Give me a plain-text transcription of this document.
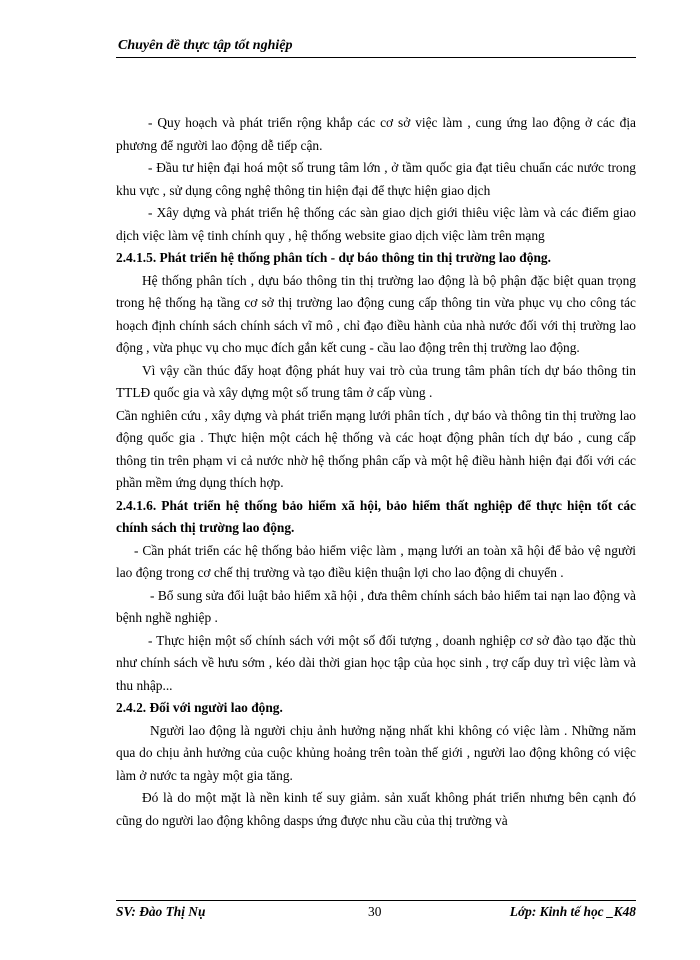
Chuyên đề thực tập tốt nghiệp

- Quy hoạch và phát triển rộng khắp các cơ sở việc làm , cung ứng lao động ở các địa phương để người lao động dễ tiếp cận.

- Đầu tư hiện đại hoá một số trung tâm lớn , ở tầm quốc gia đạt tiêu chuẩn các nước trong khu vực , sử dụng công nghệ thông tin hiện đại để thực hiện giao dịch

- Xây dựng và phát triển hệ thống các sàn giao dịch giới thiêu việc làm và các điểm giao dịch việc làm vệ tinh chính quy , hệ thống website giao dịch việc làm trên mạng

2.4.1.5. Phát triển hệ thống phân tích - dự báo thông tin thị trường lao động.

Hệ thống phân tích , dựu báo thông tin thị trường lao động là bộ phận đặc biệt quan trọng trong hệ thống hạ tầng cơ sở thị trường lao động cung cấp thông tin vừa phục vụ cho công tác hoạch định chính sách chính sách vĩ mô , chỉ đạo điều hành của nhà nước đối với thị trường lao động , vừa phục vụ cho mục đích gắn kết cung - cầu lao động trên thị trường lao động.

Vì vậy cần thúc đẩy hoạt động phát huy vai trò của trung tâm phân tích dự báo thông tin TTLĐ quốc gia và xây dựng một số trung tâm ở cấp vùng .

Cần nghiên cứu , xây dựng và phát triển mạng lưới phân tích , dự báo và thông tin thị trường lao động quốc gia . Thực hiện một cách hệ thống và các hoạt động phân tích dự báo , cung cấp thông tin trên phạm vi cả nước nhờ hệ thống phân cấp và một hệ điều hành hiện đại đối với các phần mềm ứng dụng thích hợp.

2.4.1.6. Phát triển hệ thống bảo hiểm xã hội, bảo hiểm thất nghiệp để thực hiện tốt các chính sách thị trường lao động.

- Cần phát triển các hệ thống bảo hiểm việc làm , mạng lưới an toàn xã hội để bảo vệ người lao động trong cơ chế thị trường và tạo điều kiện thuận lợi cho lao động di chuyển .

- Bổ sung sửa đổi luật bảo hiểm xã hội , đưa thêm chính sách bảo hiểm tai nạn lao động và bệnh nghề nghiệp .

- Thực hiện một số chính sách với một số đối tượng , doanh nghiệp cơ sở đào tạo đặc thù như chính sách về hưu sớm , kéo dài thời gian học tập của học sinh , trợ cấp duy trì việc làm và thu nhập...

2.4.2. Đối với người lao động.

Người lao động là người chịu ảnh hưởng nặng nhất khi không có việc làm . Những năm qua do chịu ảnh hưởng của cuộc khủng hoảng trên toàn thế giới , người lao động không có việc làm ở nước ta ngày một gia tăng.

Đó là do một mặt là nền kinh tế suy giảm. sản xuất không phát triển nhưng bên cạnh đó cũng do người lao động không dasps ứng được nhu cầu của thị trường và

SV: Đào Thị Nụ	30	Lớp: Kinh tế học _K48
